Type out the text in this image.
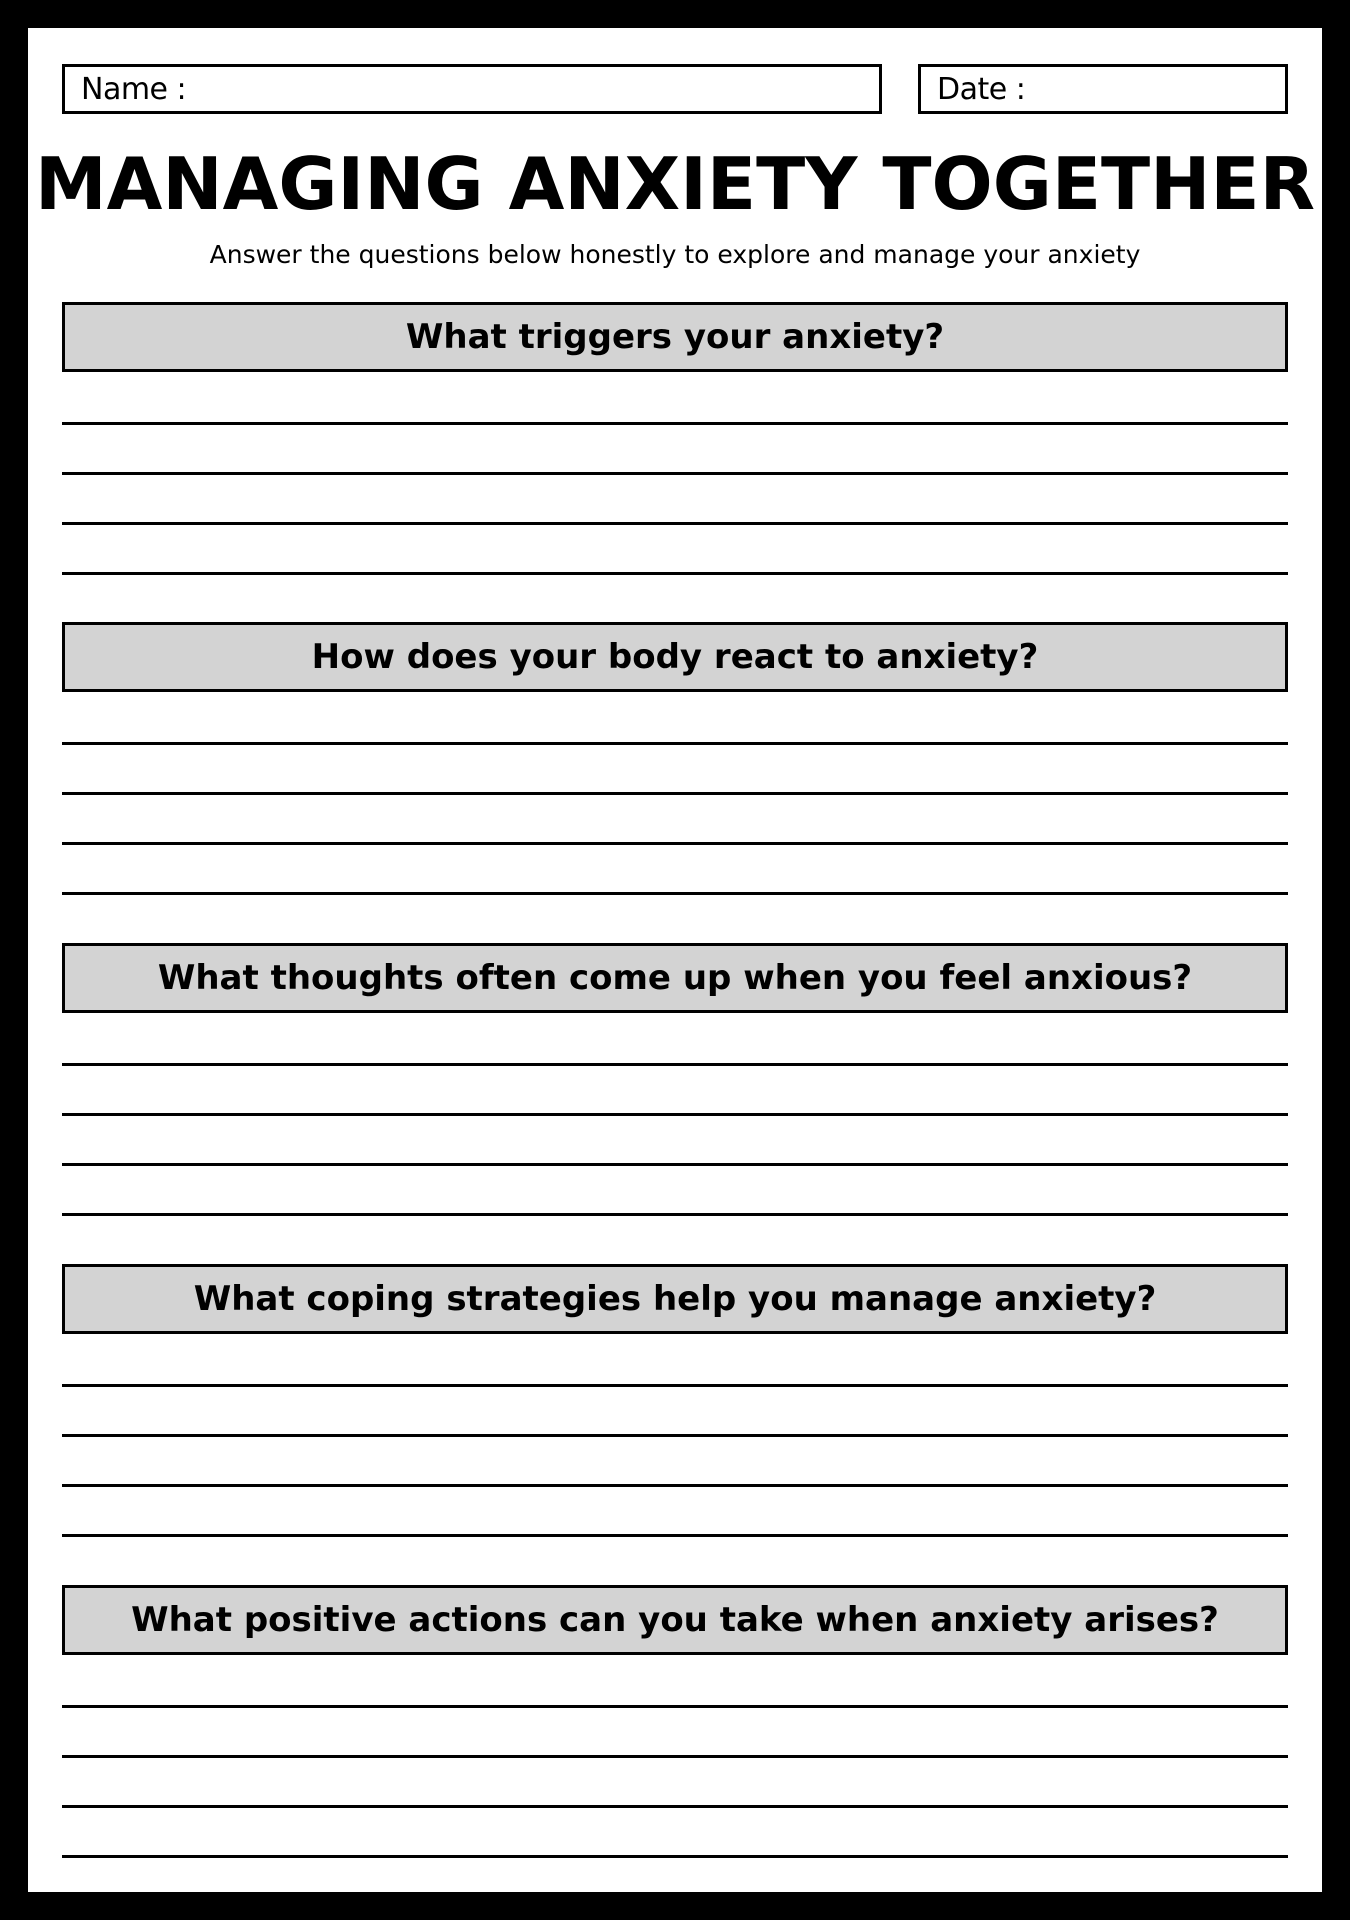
Name :	Date :
MANAGING ANXIETY TOGETHER

Answer the questions below honestly to explore and manage your anxiety

What triggers your anxiety?
How does your body react to anxiety?
What thoughts often come up when you feel anxious?
What coping strategies help you manage anxiety?
What positive actions can you take when anxiety arises?
